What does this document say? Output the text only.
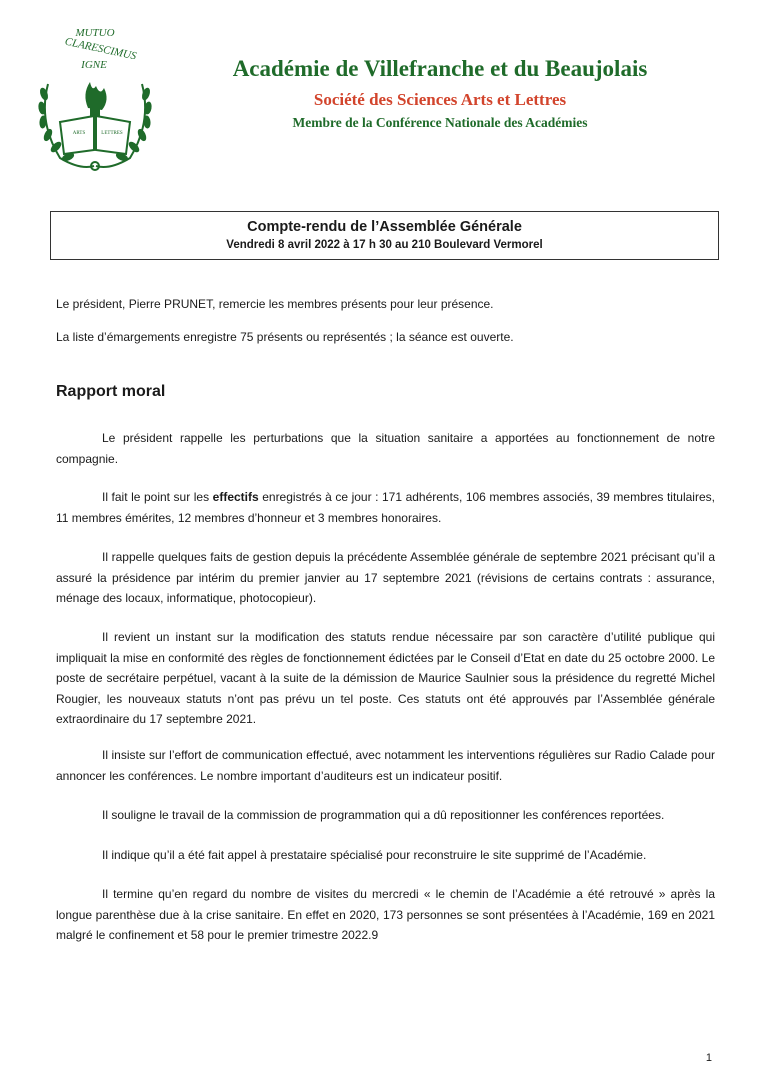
MUTUO
CLARESCIMUS
IGNE
ARTS	LETTRES
Académie de Villefranche et du Beaujolais
Société des Sciences Arts et Lettres
Membre de la Conférence Nationale des Académies
Compte-rendu de l’Assemblée Générale
Vendredi 8 avril 2022 à 17 h 30 au 210 Boulevard Vermorel
Le président, Pierre PRUNET, remercie les membres présents pour leur présence.
La liste d’émargements enregistre 75 présents ou représentés ; la séance est ouverte.
Rapport moral

Le président rappelle les perturbations que la situation sanitaire a apportées au fonctionnement de notre compagnie.

Il fait le point sur les effectifs enregistrés à ce jour : 171 adhérents, 106 membres associés, 39 membres titulaires, 11 membres émérites, 12 membres d’honneur et 3 membres honoraires.

Il rappelle quelques faits de gestion depuis la précédente Assemblée générale de septembre 2021 précisant qu’il a assuré la présidence par intérim du premier janvier au 17 septembre 2021 (révisions de certains contrats : assurance, ménage des locaux, informatique, photocopieur).

Il revient un instant sur la modification des statuts rendue nécessaire par son caractère d’utilité publique qui impliquait la mise en conformité des règles de fonctionnement édictées par le Conseil d’Etat en date du 25 octobre 2000. Le poste de secrétaire perpétuel, vacant à la suite de la démission de Maurice Saulnier sous la présidence du regretté Michel Rougier, les nouveaux statuts n’ont pas prévu un tel poste. Ces statuts ont été approuvés par l’Assemblée générale extraordinaire du 17 septembre 2021.

Il insiste sur l’effort de communication effectué, avec notamment les interventions régulières sur Radio Calade pour annoncer les conférences. Le nombre important d’auditeurs est un indicateur positif.

Il souligne le travail de la commission de programmation qui a dû repositionner les conférences reportées.

Il indique qu’il a été fait appel à prestataire spécialisé pour reconstruire le site supprimé de l’Académie.

Il termine qu’en regard du nombre de visites du mercredi « le chemin de l’Académie a été retrouvé » après la longue parenthèse due à la crise sanitaire. En effet en 2020, 173 personnes se sont présentées à l’Académie, 169 en 2021 malgré le confinement et 58 pour le premier trimestre 2022.9

1
